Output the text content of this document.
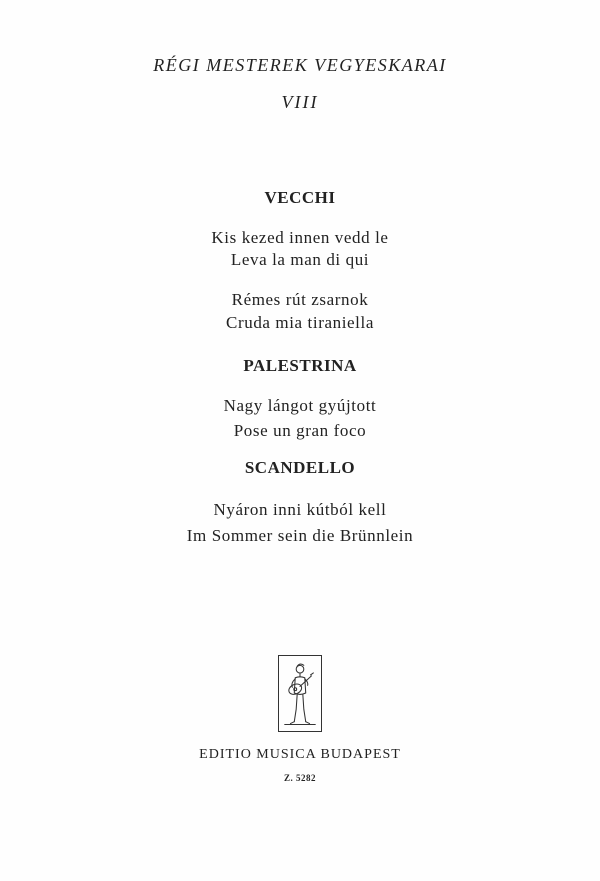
RÉGI MESTEREK VEGYESKARAI
VIII
VECCHI
Kis kezed innen vedd le
Leva la man di qui
Rémes rút zsarnok
Cruda mia tiraniella
PALESTRINA
Nagy lángot gyújtott
Pose un gran foco
SCANDELLO
Nyáron inni kútból kell
Im Sommer sein die Brünnlein
EDITIO MUSICA BUDAPEST
Z. 5282
